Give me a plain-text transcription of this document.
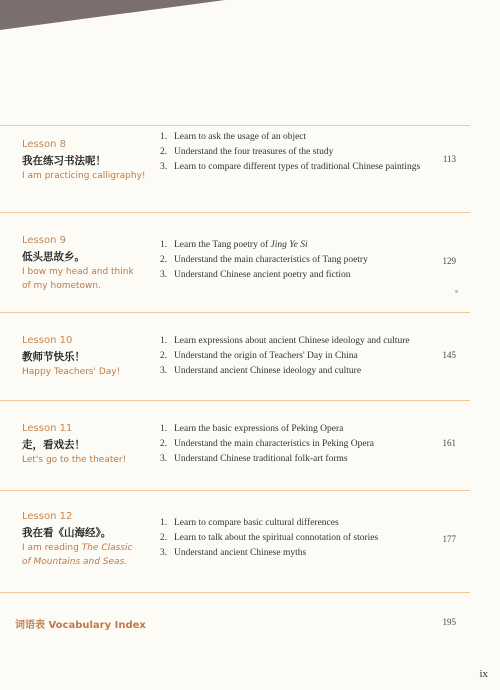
Lesson 8
我在练习书法呢！
I am practicing calligraphy!
1. Learn to ask the usage of an object
2. Understand the four treasures of the study
3. Learn to compare different types of traditional Chinese paintings
113
Lesson 9
低头思故乡。
I bow my head and think of my hometown.
1. Learn the Tang poetry of Jing Ye Si
2. Understand the main characteristics of Tang poetry
3. Understand Chinese ancient poetry and fiction
129
Lesson 10
教师节快乐！
Happy Teachers' Day!
1. Learn expressions about ancient Chinese ideology and culture
2. Understand the origin of Teachers' Day in China
3. Understand ancient Chinese ideology and culture
145
Lesson 11
走，看戏去！
Let's go to the theater!
1. Learn the basic expressions of Peking Opera
2. Understand the main characteristics in Peking Opera
3. Understand Chinese traditional folk-art forms
161
Lesson 12
我在看《山海经》。
I am reading The Classic of Mountains and Seas.
1. Learn to compare basic cultural differences
2. Learn to talk about the spiritual connotation of stories
3. Understand ancient Chinese myths
177
词语表 Vocabulary Index	195
ix
